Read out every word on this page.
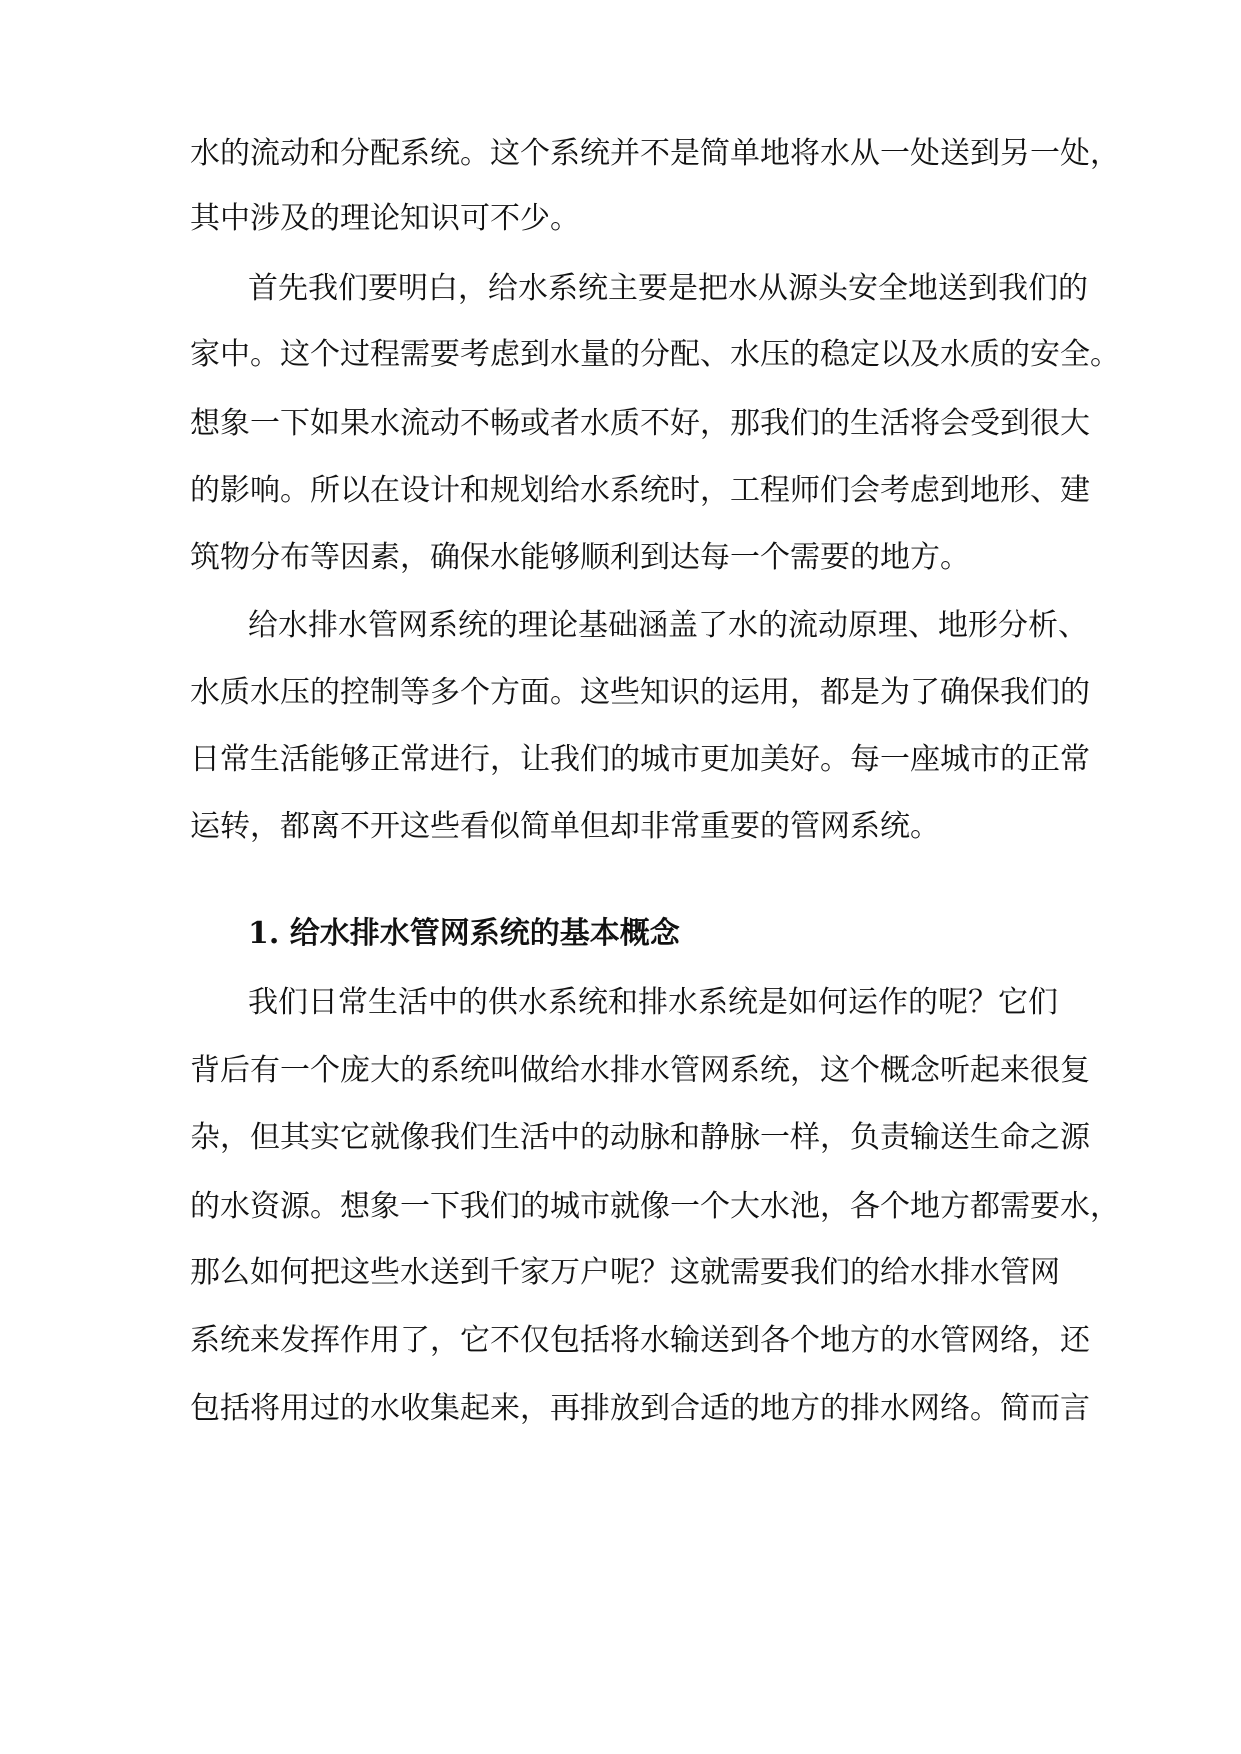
水的流动和分配系统。这个系统并不是简单地将水从一处送到另一处，
其中涉及的理论知识可不少。
首先我们要明白，给水系统主要是把水从源头安全地送到我们的
家中。这个过程需要考虑到水量的分配、水压的稳定以及水质的安全。
想象一下如果水流动不畅或者水质不好，那我们的生活将会受到很大
的影响。所以在设计和规划给水系统时，工程师们会考虑到地形、建
筑物分布等因素，确保水能够顺利到达每一个需要的地方。
给水排水管网系统的理论基础涵盖了水的流动原理、地形分析、
水质水压的控制等多个方面。这些知识的运用，都是为了确保我们的
日常生活能够正常进行，让我们的城市更加美好。每一座城市的正常
运转，都离不开这些看似简单但却非常重要的管网系统。
1. 给水排水管网系统的基本概念
我们日常生活中的供水系统和排水系统是如何运作的呢？它们
背后有一个庞大的系统叫做给水排水管网系统，这个概念听起来很复
杂，但其实它就像我们生活中的动脉和静脉一样，负责输送生命之源
的水资源。想象一下我们的城市就像一个大水池，各个地方都需要水，
那么如何把这些水送到千家万户呢？这就需要我们的给水排水管网
系统来发挥作用了，它不仅包括将水输送到各个地方的水管网络，还
包括将用过的水收集起来，再排放到合适的地方的排水网络。简而言
